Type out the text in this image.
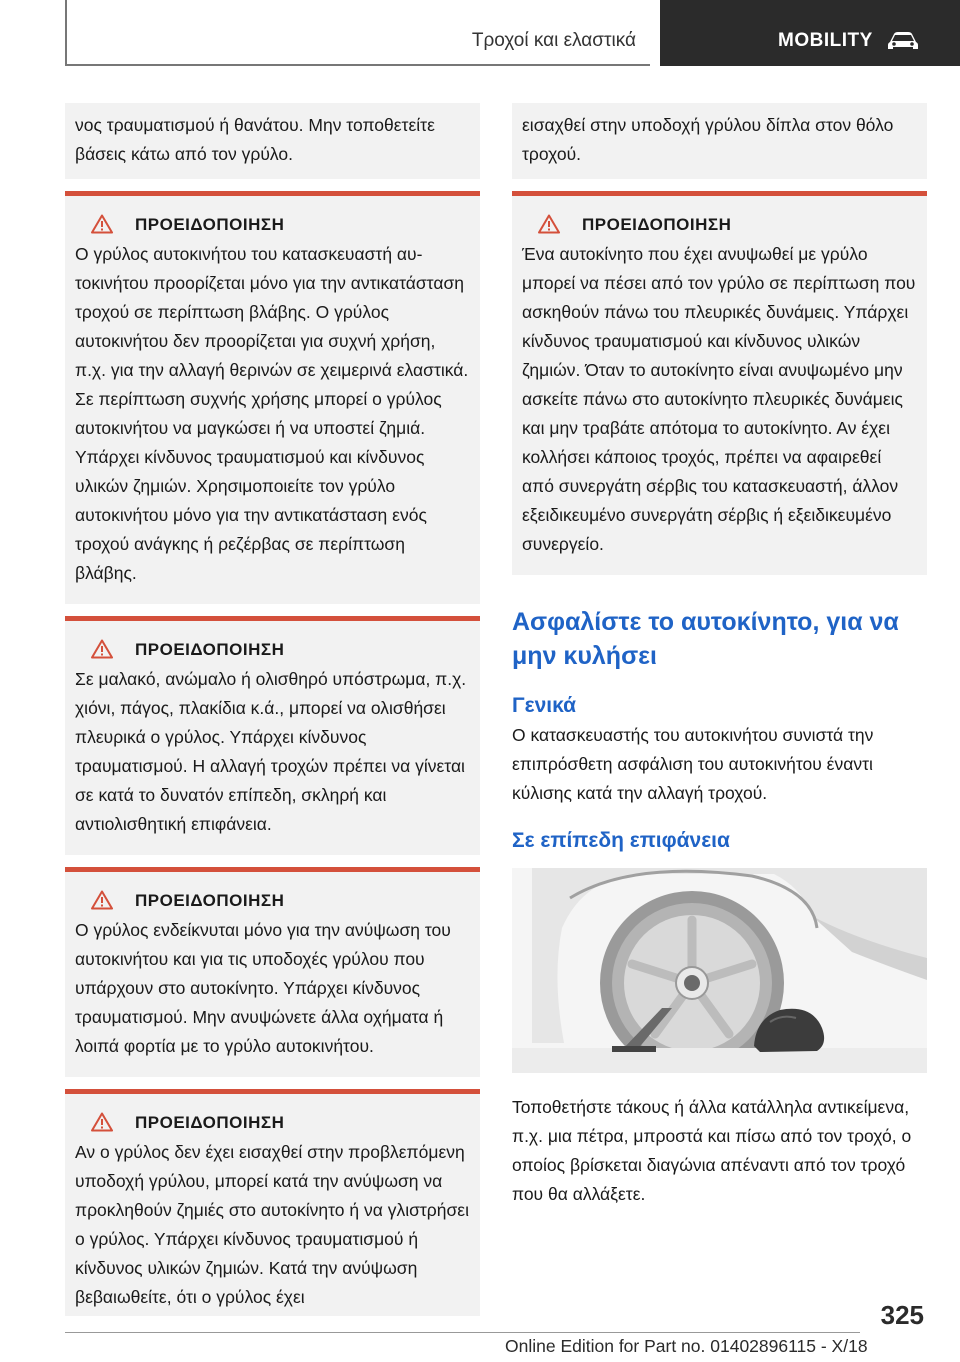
Τροχοί και ελαστικά	MOBILITY

νος τραυματισμού ή θανάτου. Μην τοποθετείτε βάσεις κάτω από τον γρύλο.

ΠΡΟΕΙΔΟΠΟΙΗΣΗ

Ο γρύλος αυτοκινήτου του κατασκευαστή αυτοκινήτου προορίζεται μόνο για την αντικατάσταση τροχού σε περίπτωση βλάβης. Ο γρύλος αυτοκινήτου δεν προορίζεται για συχνή χρήση, π.χ. για την αλλαγή θερινών σε χειμερινά ελαστικά. Σε περίπτωση συχνής χρήσης μπορεί ο γρύλος αυτοκινήτου να μαγκώσει ή να υποστεί ζημιά. Υπάρχει κίνδυνος τραυματισμού και κίνδυνος υλικών ζημιών. Χρησιμοποιείτε τον γρύλο αυτοκινήτου μόνο για την αντικατάσταση ενός τροχού ανάγκης ή ρεζέρβας σε περίπτωση βλάβης.

ΠΡΟΕΙΔΟΠΟΙΗΣΗ

Σε μαλακό, ανώμαλο ή ολισθηρό υπόστρωμα, π.χ. χιόνι, πάγος, πλακίδια κ.ά., μπορεί να ολισθήσει πλευρικά ο γρύλος. Υπάρχει κίνδυνος τραυματισμού. Η αλλαγή τροχών πρέπει να γίνεται σε κατά το δυνατόν επίπεδη, σκληρή και αντιολισθητική επιφάνεια.

ΠΡΟΕΙΔΟΠΟΙΗΣΗ

Ο γρύλος ενδείκνυται μόνο για την ανύψωση του αυτοκινήτου και για τις υποδοχές γρύλου που υπάρχουν στο αυτοκίνητο. Υπάρχει κίνδυνος τραυματισμού. Μην ανυψώνετε άλλα οχήματα ή λοιπά φορτία με το γρύλο αυτοκινήτου.

ΠΡΟΕΙΔΟΠΟΙΗΣΗ

Αν ο γρύλος δεν έχει εισαχθεί στην προβλεπόμενη υποδοχή γρύλου, μπορεί κατά την ανύψωση να προκληθούν ζημιές στο αυτοκίνητο ή να γλιστρήσει ο γρύλος. Υπάρχει κίνδυνος τραυματισμού ή κίνδυνος υλικών ζημιών. Κατά την ανύψωση βεβαιωθείτε, ότι ο γρύλος έχει

εισαχθεί στην υποδοχή γρύλου δίπλα στον θόλο τροχού.

ΠΡΟΕΙΔΟΠΟΙΗΣΗ

Ένα αυτοκίνητο που έχει ανυψωθεί με γρύλο μπορεί να πέσει από τον γρύλο σε περίπτωση που ασκηθούν πάνω του πλευρικές δυνάμεις. Υπάρχει κίνδυνος τραυματισμού και κίνδυνος υλικών ζημιών. Όταν το αυτοκίνητο είναι ανυψωμένο μην ασκείτε πάνω στο αυτοκίνητο πλευρικές δυνάμεις και μην τραβάτε απότομα το αυτοκίνητο. Αν έχει κολλήσει κάποιος τροχός, πρέπει να αφαιρεθεί από συνεργάτη σέρβις του κατασκευαστή, άλλον εξειδικευμένο συνεργάτη σέρβις ή εξειδικευμένο συνεργείο.

Ασφαλίστε το αυτοκίνητο, για να μην κυλήσει
Γενικά

Ο κατασκευαστής του αυτοκινήτου συνιστά την επιπρόσθετη ασφάλιση του αυτοκινήτου έναντι κύλισης κατά την αλλαγή τροχού.

Σε επίπεδη επιφάνεια

Τοποθετήστε τάκους ή άλλα κατάλληλα αντικείμενα, π.χ. μια πέτρα, μπροστά και πίσω από τον τροχό, ο οποίος βρίσκεται διαγώνια απέναντι από τον τροχό που θα αλλάξετε.

325
Online Edition for Part no. 01402896115 - X/18
